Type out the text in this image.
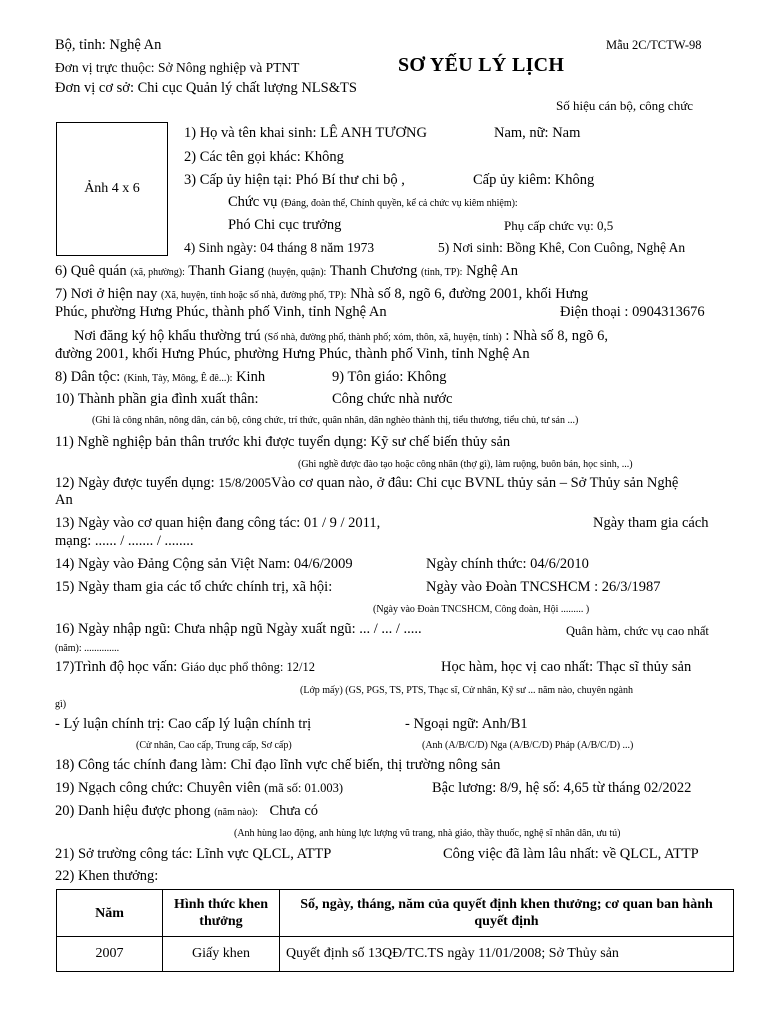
Bộ, tỉnh: Nghệ An	Mẫu 2C/TCTW-98
Đơn vị trực thuộc: Sở Nông nghiệp và PTNT	SƠ YẾU LÝ LỊCH
Đơn vị cơ sở: Chi cục Quản lý chất lượng NLS&TS
Số hiệu cán bộ, công chức
Ảnh 4 x 6
1) Họ và tên khai sinh: LÊ ANH TƯƠNG	Nam, nữ: Nam
2) Các tên gọi khác: Không
3) Cấp ủy hiện tại: Phó Bí thư chi bộ ,	Cấp ủy kiêm: Không
Chức vụ (Đảng, đoàn thể, Chính quyền, kể cả chức vụ kiêm nhiệm):
Phó Chi cục trưởng	Phụ cấp chức vụ: 0,5
4) Sinh ngày: 04 tháng 8 năm 1973	5) Nơi sinh: Bồng Khê, Con Cuông, Nghệ An
6) Quê quán (xã, phường): Thanh Giang (huyện, quận): Thanh Chương (tỉnh, TP): Nghệ An
7) Nơi ở hiện nay (Xã, huyện, tỉnh hoặc số nhà, đường phố, TP): Nhà số 8, ngõ 6, đường 2001, khối Hưng
Phúc, phường Hưng Phúc, thành phố Vinh, tỉnh Nghệ An	Điện thoại : 0904313676
Nơi đăng ký hộ khẩu thường trú (Số nhà, đường phố, thành phố; xóm, thôn, xã, huyện, tỉnh) : Nhà số 8, ngõ 6,
đường 2001, khối Hưng Phúc, phường Hưng Phúc, thành phố Vinh, tỉnh Nghệ An
8) Dân tộc: (Kinh, Tày, Mông, Ê đê...): Kinh	9) Tôn giáo: Không
10) Thành phần gia đình xuất thân:	Công chức nhà nước
(Ghi là công nhân, nông dân, cán bộ, công chức, trí thức, quân nhân, dân nghèo thành thị, tiểu thương, tiểu chủ, tư sản ...)
11) Nghề nghiệp bản thân trước khi được tuyển dụng: Kỹ sư chế biến thủy sản
(Ghi nghề được đào tạo hoặc công nhân (thợ gì), làm ruộng, buôn bán, học sinh, ...)
12) Ngày được tuyển dụng: 15/8/2005Vào cơ quan nào, ở đâu: Chi cục BVNL thủy sản – Sở Thủy sản Nghệ
An
13) Ngày vào cơ quan hiện đang công tác: 01 / 9 / 2011,	Ngày tham gia cách
mạng: ...... / ....... / ........
14) Ngày vào Đảng Cộng sản Việt Nam: 04/6/2009	Ngày chính thức: 04/6/2010
15) Ngày tham gia các tổ chức chính trị, xã hội:	Ngày vào Đoàn TNCSHCM : 26/3/1987
(Ngày vào Đoàn TNCSHCM, Công đoàn, Hội ......... )
16) Ngày nhập ngũ: Chưa nhập ngũ Ngày xuất ngũ: ... / ... / .....	Quân hàm, chức vụ cao nhất
(năm): ..............
17)Trình độ học vấn: Giáo dục phổ thông: 12/12	Học hàm, học vị cao nhất: Thạc sĩ thủy sản
(Lớp mấy) (GS, PGS, TS, PTS, Thạc sĩ, Cử nhân, Kỹ sư ... năm nào, chuyên ngành
gì)
- Lý luận chính trị: Cao cấp lý luận chính trị	- Ngoại ngữ: Anh/B1
(Cử nhân, Cao cấp, Trung cấp, Sơ cấp)	(Anh (A/B/C/D) Nga (A/B/C/D) Pháp (A/B/C/D) ...)
18) Công tác chính đang làm: Chỉ đạo lĩnh vực chế biến, thị trường nông sản
19) Ngạch công chức: Chuyên viên (mã số: 01.003)	Bậc lương: 8/9, hệ số: 4,65 từ tháng 02/2022
20) Danh hiệu được phong (năm nào): Chưa có
(Anh hùng lao động, anh hùng lực lượng vũ trang, nhà giáo, thầy thuốc, nghệ sĩ nhân dân, ưu tú)
21) Sở trường công tác: Lĩnh vực QLCL, ATTP	Công việc đã làm lâu nhất: về QLCL, ATTP
22) Khen thưởng:
Năm	Hình thức khen thưởng	Số, ngày, tháng, năm của quyết định khen thưởng; cơ quan ban hành quyết định
2007	Giấy khen	Quyết định số 13QĐ/TC.TS ngày 11/01/2008; Sở Thủy sản
